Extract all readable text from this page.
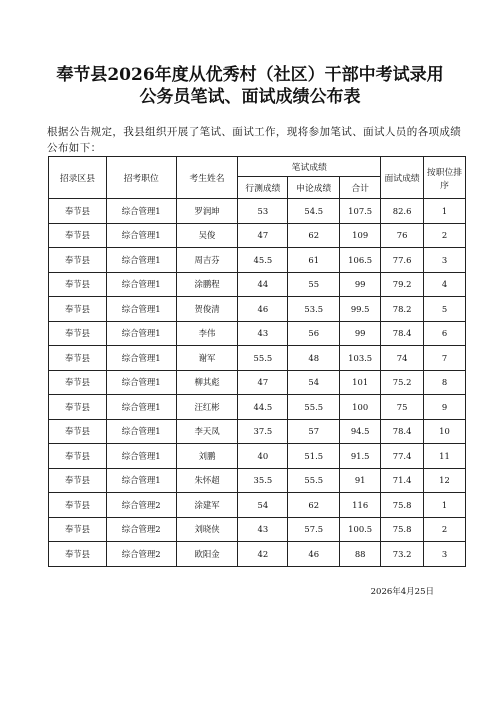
奉节县2026年度从优秀村（社区）干部中考试录用
公务员笔试、面试成绩公布表

根据公告规定，我县组织开展了笔试、面试工作，现将参加笔试、面试人员的各项成绩公布如下：

招录区县	招考职位	考生姓名	笔试成绩			面试成绩	按职位排序
			行测成绩	申论成绩	合计		
奉节县	综合管理1	罗润坤	53	54.5	107.5	82.6	1
奉节县	综合管理1	吴俊	47	62	109	76	2
奉节县	综合管理1	周吉芬	45.5	61	106.5	77.6	3
奉节县	综合管理1	涂鹏程	44	55	99	79.2	4
奉节县	综合管理1	贺俊清	46	53.5	99.5	78.2	5
奉节县	综合管理1	李伟	43	56	99	78.4	6
奉节县	综合管理1	谢军	55.5	48	103.5	74	7
奉节县	综合管理1	柳其彪	47	54	101	75.2	8
奉节县	综合管理1	汪红彬	44.5	55.5	100	75	9
奉节县	综合管理1	李天凤	37.5	57	94.5	78.4	10
奉节县	综合管理1	刘鹏	40	51.5	91.5	77.4	11
奉节县	综合管理1	朱怀超	35.5	55.5	91	71.4	12
奉节县	综合管理2	涂建军	54	62	116	75.8	1
奉节县	综合管理2	刘晓侠	43	57.5	100.5	75.8	2
奉节县	综合管理2	欧阳金	42	46	88	73.2	3
2026年4月25日
